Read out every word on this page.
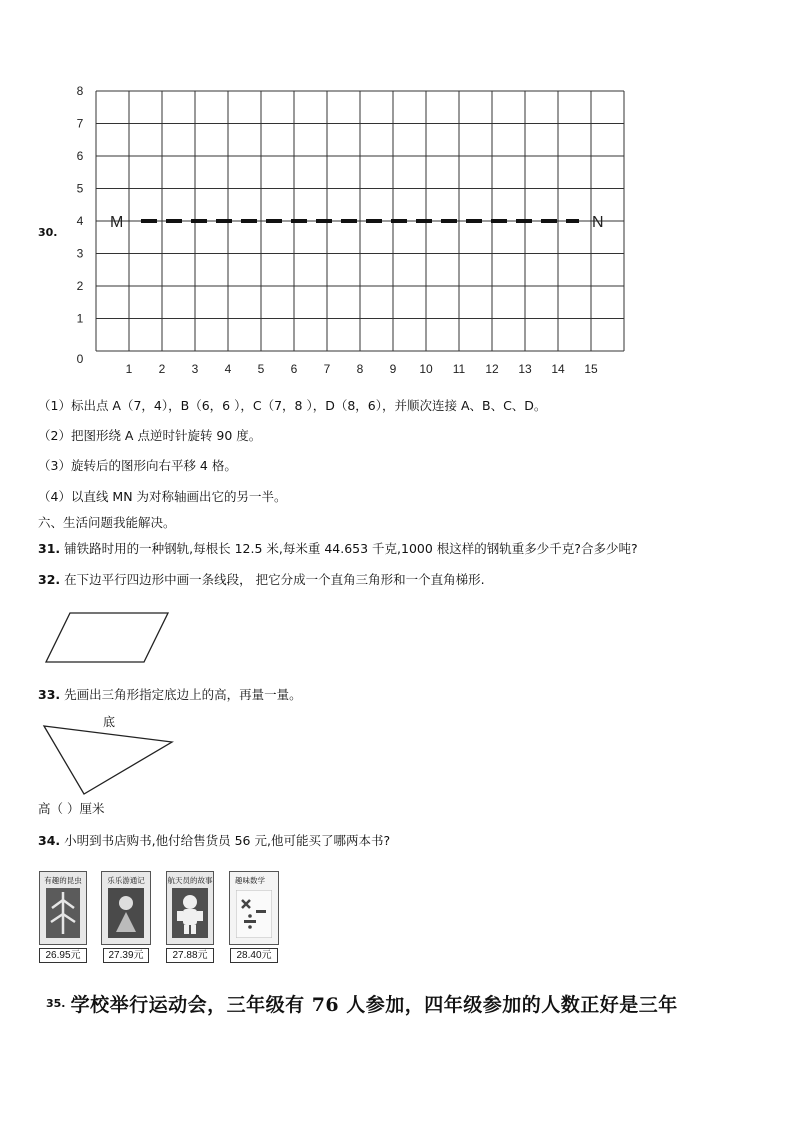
30.
1
2
3
4
5
6
7
8
0
1 2 3 4 5 6 7 8 9 10 11 12 13 14 15
M	N
（1）标出点 A（7，4），B（6，6 ），C（7，8 ），D（8，6），并顺次连接 A、B、C、D。
（2）把图形绕 A 点逆时针旋转 90 度。
（3）旋转后的图形向右平移 4 格。
（4）以直线 MN 为对称轴画出它的另一半。
六、生活问题我能解决。
31. 铺铁路时用的一种钢轨,每根长 12.5 米,每米重 44.653 千克,1000 根这样的钢轨重多少千克?合多少吨?
32. 在下边平行四边形中画一条线段， 把它分成一个直角三角形和一个直角梯形.
33. 先画出三角形指定底边上的高，再量一量。
底
高（ ）厘米
34. 小明到书店购书,他付给售货员 56 元,他可能买了哪两本书?
有趣的昆虫
26.95元
乐乐游通记
27.39元
航天员的故事
27.88元
趣味数学
28.40元
35. 学校举行运动会，三年级有 76 人参加，四年级参加的人数正好是三年
